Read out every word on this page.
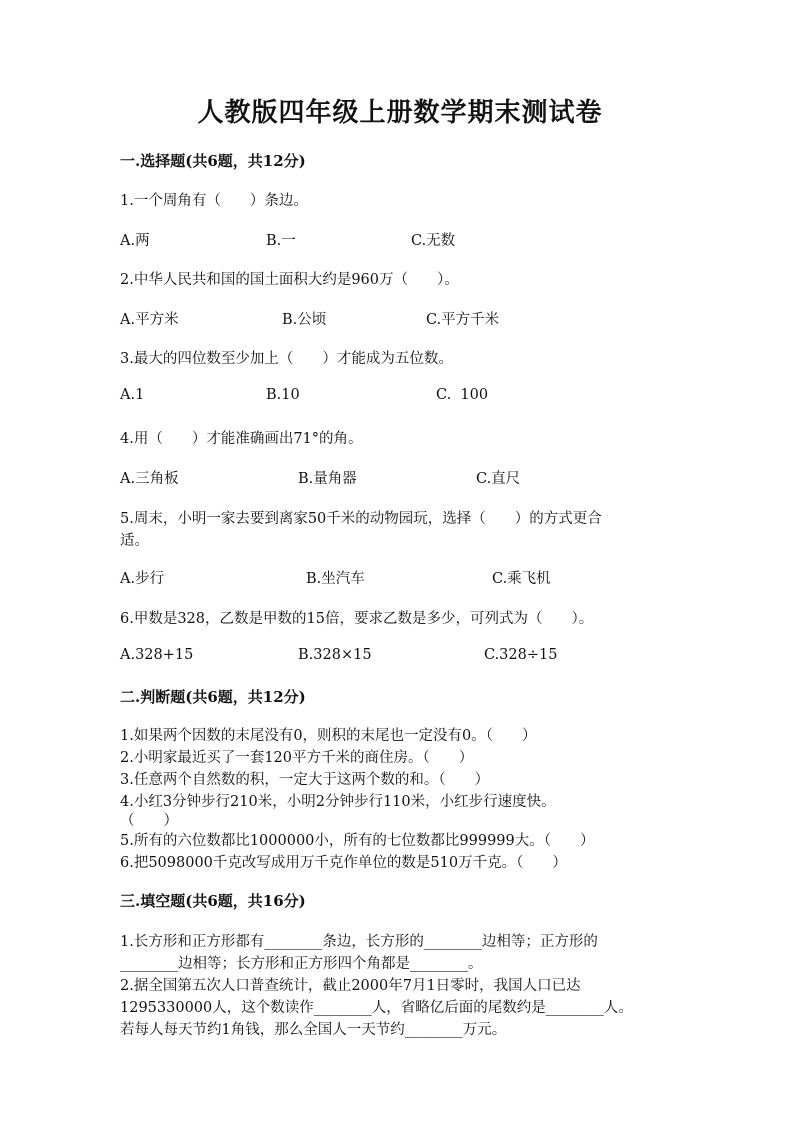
人教版四年级上册数学期末测试卷
一.选择题(共6题，共12分)
1.一个周角有（　　）条边。
A.两	B.一	C.无数
2.中华人民共和国的国土面积大约是960万（　　）。
A.平方米	B.公顷	C.平方千米
3.最大的四位数至少加上（　　）才能成为五位数。
A.1	B.10	C.  100
4.用（　　）才能准确画出71°的角。
A.三角板	B.量角器	C.直尺
5.周末，小明一家去要到离家50千米的动物园玩，选择（　　）的方式更合
适。
A.步行	B.坐汽车	C.乘飞机
6.甲数是328，乙数是甲数的15倍，要求乙数是多少，可列式为（　　）。
A.328+15	B.328×15	C.328÷15
二.判断题(共6题，共12分)
1.如果两个因数的末尾没有0，则积的末尾也一定没有0。（　　）
2.小明家最近买了一套120平方千米的商住房。（　　）
3.任意两个自然数的积，一定大于这两个数的和。（　　）
4.小红3分钟步行210米，小明2分钟步行110米，小红步行速度快。
（　　）
5.所有的六位数都比1000000小，所有的七位数都比999999大。（　　）
6.把5098000千克改写成用万千克作单位的数是510万千克。（　　）
三.填空题(共6题，共16分)
1.长方形和正方形都有________条边，长方形的________边相等；正方形的
________边相等；长方形和正方形四个角都是________。
2.据全国第五次人口普查统计，截止2000年7月1日零时，我国人口已达
1295330000人，这个数读作________人，省略亿后面的尾数约是________人。
若每人每天节约1角钱，那么全国人一天节约________万元。
